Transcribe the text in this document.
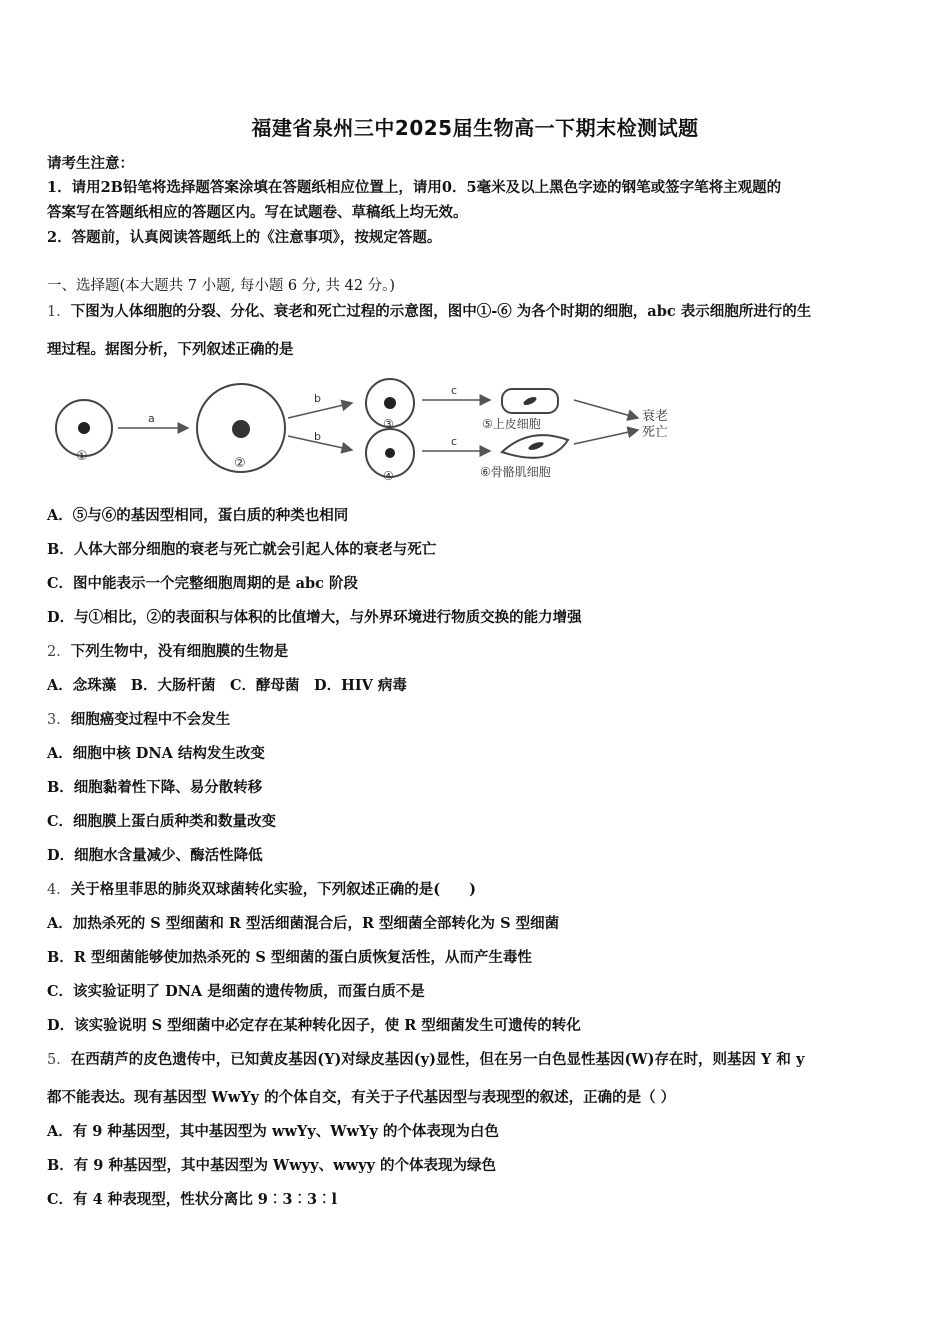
福建省泉州三中2025届生物高一下期末检测试题
请考生注意：
1．请用2B铅笔将选择题答案涂填在答题纸相应位置上，请用0．5毫米及以上黑色字迹的钢笔或签字笔将主观题的
答案写在答题纸相应的答题区内。写在试题卷、草稿纸上均无效。
2．答题前，认真阅读答题纸上的《注意事项》，按规定答题。
一、选择题(本大题共 7 小题, 每小题 6 分, 共 42 分。)
1．下图为人体细胞的分裂、分化、衰老和死亡过程的示意图，图中①-⑥ 为各个时期的细胞，abc 表示细胞所进行的生
理过程。据图分析，下列叙述正确的是
①
a
②
b
b
③
④
c
c
⑤上皮细胞
⑥骨骼肌细胞
衰老
死亡
A．⑤与⑥的基因型相同，蛋白质的种类也相同
B．人体大部分细胞的衰老与死亡就会引起人体的衰老与死亡
C．图中能表示一个完整细胞周期的是 abc 阶段
D．与①相比，②的表面积与体积的比值增大，与外界环境进行物质交换的能力增强
2．下列生物中，没有细胞膜的生物是
A．念珠藻　B．大肠杆菌　C．酵母菌　D．HIV 病毒
3．细胞癌变过程中不会发生
A．细胞中核 DNA 结构发生改变
B．细胞黏着性下降、易分散转移
C．细胞膜上蛋白质种类和数量改变
D．细胞水含量减少、酶活性降低
4．关于格里菲思的肺炎双球菌转化实验，下列叙述正确的是(　　)
A．加热杀死的 S 型细菌和 R 型活细菌混合后，R 型细菌全部转化为 S 型细菌
B．R 型细菌能够使加热杀死的 S 型细菌的蛋白质恢复活性，从而产生毒性
C．该实验证明了 DNA 是细菌的遗传物质，而蛋白质不是
D．该实验说明 S 型细菌中必定存在某种转化因子，使 R 型细菌发生可遗传的转化
5．在西葫芦的皮色遗传中，已知黄皮基因(Y)对绿皮基因(y)显性，但在另一白色显性基因(W)存在时，则基因 Y 和 y
都不能表达。现有基因型 WwYy 的个体自交，有关于子代基因型与表现型的叙述，正确的是（ ）
A．有 9 种基因型，其中基因型为 wwYy、WwYy 的个体表现为白色
B．有 9 种基因型，其中基因型为 Wwyy、wwyy 的个体表现为绿色
C．有 4 种表现型，性状分离比 9︰3︰3︰l
